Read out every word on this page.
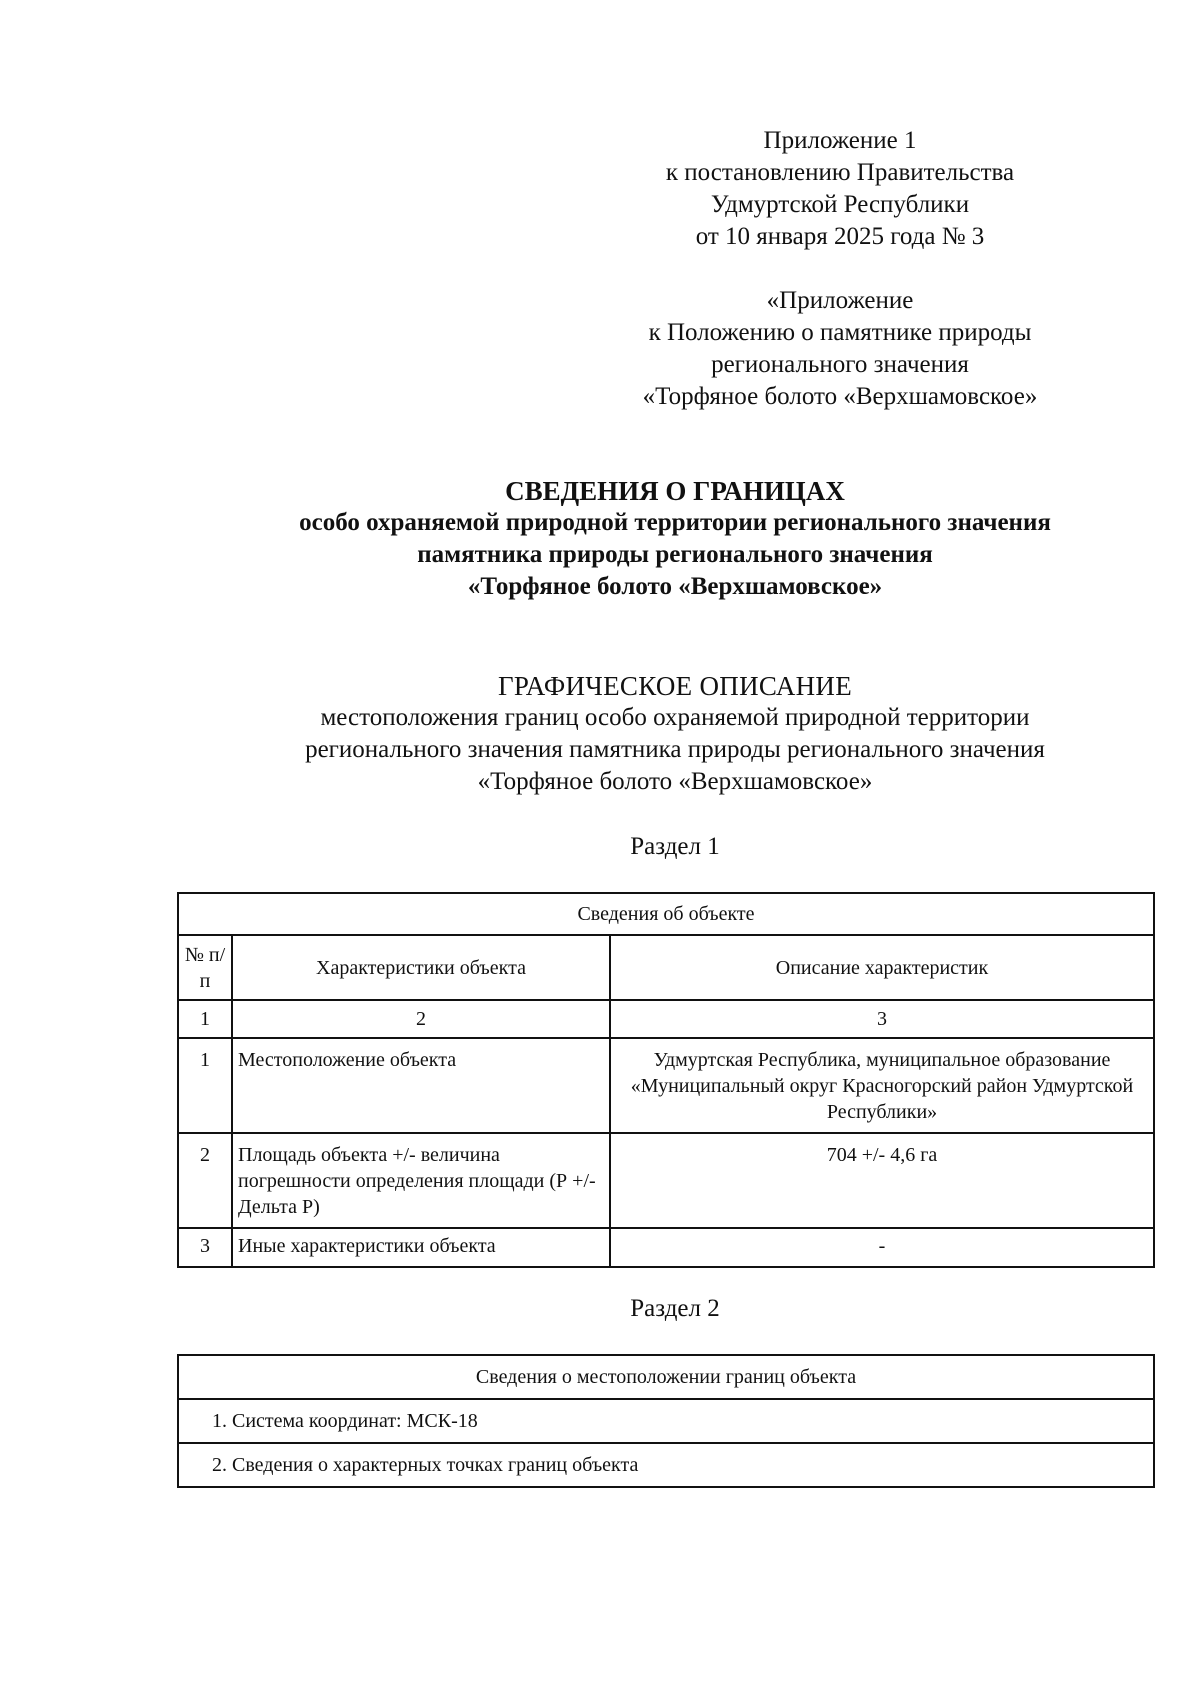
Приложение 1
к постановлению Правительства
Удмуртской Республики
от 10 января 2025 года № 3
«Приложение
к Положению о памятнике природы
регионального значения
«Торфяное болото «Верхшамовское»
СВЕДЕНИЯ О ГРАНИЦАХ
особо охраняемой природной территории регионального значения
памятника природы регионального значения
«Торфяное болото «Верхшамовское»
ГРАФИЧЕСКОЕ ОПИСАНИЕ
местоположения границ особо охраняемой природной территории
регионального значения памятника природы регионального значения
«Торфяное болото «Верхшамовское»
Раздел 1
Сведения об объекте		
№ п/п	Характеристики объекта	Описание характеристик
1	2	3
1	Местоположение объекта	Удмуртская Республика, муниципальное образование «Муниципальный округ Красногорский район Удмуртской Республики»
2	Площадь объекта +/- величина погрешности определения площади (Р +/- Дельта Р)	704 +/- 4,6 га
3	Иные характеристики объекта	-
Раздел 2
Сведения о местоположении границ объекта
1. Система координат: МСК-18
2. Сведения о характерных точках границ объекта
